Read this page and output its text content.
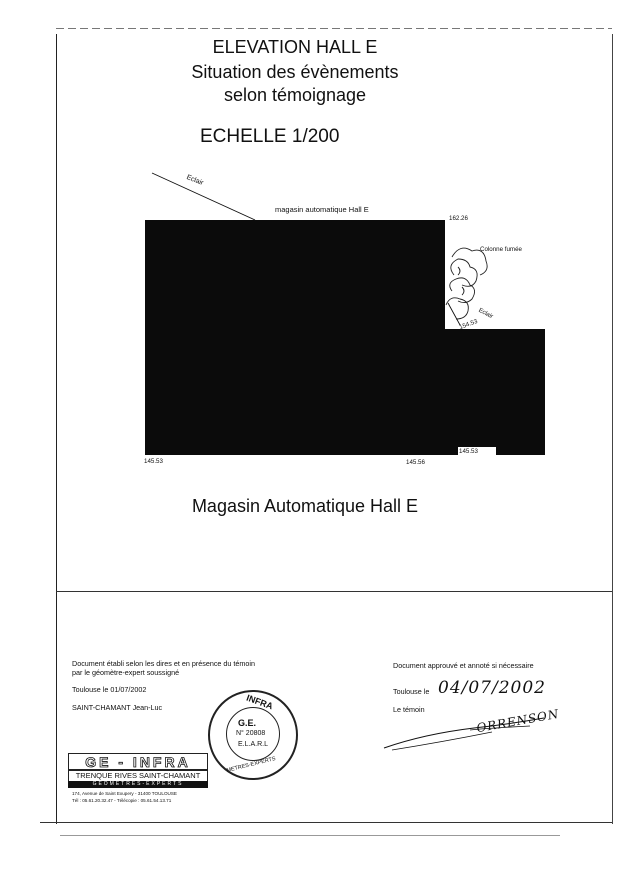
ELEVATION HALL E
Situation des évènements
selon témoignage
ECHELLE 1/200
Eclair
magasin automatique Hall E
162.28	162.26
Colonne fumée
Eclair
154.53
145.53	145.56
145.53
Magasin Automatique Hall E
Document établi selon les dires et en présence du témoin
par le géomètre-expert soussigné
Toulouse le 01/07/2002
SAINT-CHAMANT Jean-Luc
GE - INFRA
TRENQUE RIVES SAINT-CHAMANT
GEOMETRES-EXPERTS
174, Avenue de Saint Exupery - 31400 TOULOUSE
Tél : 05.61.20.32.47 - Télécopie : 05.61.54.13.71
INFRA
G.E.
N° 20808
E.L.A.R.L
METRES-EXPERTS
Document approuvé et annoté si nécessaire
Toulouse le 04/07/2002
Le témoin	ORRENSON
